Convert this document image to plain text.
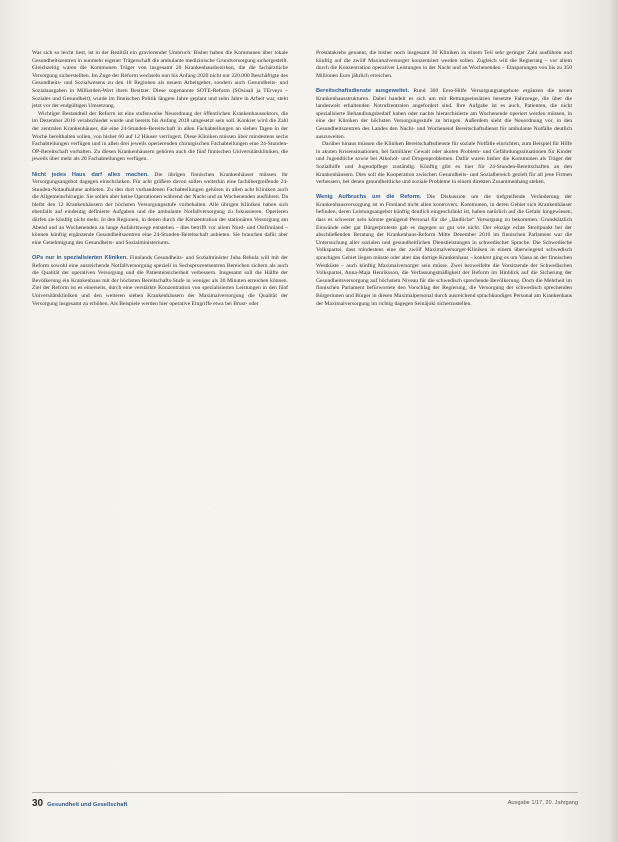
Was sich so leicht liest, ist in der Realität ein gravierender Umbruch: Bisher haben die Kommunen über lokale Gesundheitszentren in nunmehr eigener Trägerschaft die ambulante medizinische Grundversorgung sichergestellt. Gleichzeitig waren die Kommunen Träger von insgesamt 20 Krankenhausbezirken, die die fachärztliche Versorgung sicherstellten. Im Zuge der Reform wechseln nun bis Anfang 2020 nicht nur 220.000 Beschäftigte des Gesundheits- und Sozialwesens zu den 18 Regionen als neuem Arbeitgeber, sondern auch Gesundheits- und Sozialausgaben in Milliarden-Wert ihren Besitzer. Diese sogenannte SOTE-Reform (SOsiaali ja TErveys – Soziales und Gesundheit), wurde im finnischen Politik längere Jahre geplant und zehn Jahre in Arbeit war, steht jetzt vor der endgültigen Umsetzung.

Wichtiger Bestandteil der Reform ist eine stufenweise Neuordnung der öffentlichen Krankenhaussektors, die im Dezember 2016 verabschiedet wurde und bereits bis Anfang 2018 umgesetzt sein soll. Konkret wird die Zahl der zentralen Krankenhäuser, die eine 24-Stunden-Bereitschaft in allen Fachabteilungen an sieben Tagen in der Woche bereithalten sollen, von bisher 60 auf 12 Häuser verringert. Diese Kliniken müssen über mindestens sechs Fachabteilungen verfügen und in allen drei jeweils operierenden chirurgischen Fachabteilungen eine 24-Stunden-OP-Bereitschaft vorhalten. Zu diesen Krankenhäusern gehören auch die fünf finnischen Universitätskliniken, die jeweils über mehr als 20 Fachabteilungen verfügen.

Nicht jedes Haus darf alles machen. Die übrigen finnischen Krankenhäuser müssen ihr Versorgungsangebot dagegen einschränken. Für acht größere davon sollen weiterhin eine fachübergreifende 24-Stunden-Notaufnahme anbieten. Zu den dort vorhandenen Fachabteilungen gehören in allen acht Kliniken auch die Allgemeinchirurgie. Sie sollen aber keine Operationen während der Nacht und an Wochenenden ausführen. Da bleibt den 12 Krankenhäusern der höchsten Versorgungsstufe vorbehalten. Alle übrigen Kliniken haben sich ebenfalls auf eindeutig definierte Aufgaben und die ambulante Notfallversorgung zu fokussieren. Operieren dürfen sie künftig nicht mehr. In den Regionen, in denen durch die Konzentration der stationären Versorgung am Abend und an Wochenenden zu lange Anfahrtswege entstehen – dies betrifft vor allem Nord- und Ostfinnland – können künftig ergänzende Gesundheitszentren eine 24-Stunden-Bereitschaft anbieten. Sie brauchen dafür aber eine Genehmigung des Gesundheits- und Sozialministeriums.

OPs nur in spezialisierten Kliniken. Finnlands Gesundheits- und Sozialminister Juha Rehula will mit der Reform sowohl eine ausreichende Notfallversorgung speziell in Sechsprozentsentren Bereichen sichern als auch die Qualität der operativen Versorgung und die Patientensicherheit verbessern. Insgesamt soll die Hälfte der Bevölkerung ein Krankenhaus mit der höchsten Bereitschafts-Stufe in weniger als 30 Minuten erreichen können. Ziel der Reform ist es einerseits, durch eine verstärkte Konzentration von spezialisierten Leistungen in den fünf Universitätskliniken und den weiteren sieben Krankenhäusern der Maximalversorgung die Qualität der Versorgung insgesamt zu erhöhen. Als Beispiele werden hier operative Eingriffe etwa bei Brust- oder

Prostatakrebs genannt, die bisher noch insgesamt 30 Kliniken zu einem Teil sehr geringer Zahl ausführen und künftig auf die zwölf Maximalversorger konzentriert werden sollen. Zugleich will die Regierung – vor allem durch die Konzentration operativer Leistungen in der Nacht und an Wochenenden – Einsparungen von bis zu 350 Millionen Euro jährlich erreichen.

Bereitschaftsdienste ausgeweitet. Rund 300 Eero-Hilfe Versorgungsangebote ergänzen die neuen Krankenhausstrukturen. Dabei handelt es sich um mit Rettungseinsätzen besetzte Fahrzeuge, die über die landesweit erhaltenden Notrufzentralen angefordert sind. Ihre Aufgabe ist es auch, Patienten, die nicht spezialisierte Behandlungsbedarf haben oder nachts hierarchisierte am Wochenende operiert werden müssen, in eine der Kliniken der höchsten Versorgungsstufe zu bringen. Außerdem sieht die Neuordnung vor, in den Gesundheitszentren des Landes den Nacht- und Wochenend Bereitschaftsdienst für ambulante Notfälle deutlich auszuweiten.

Darüber hinaus müssen die Kliniken Bereitschaftsdienste für soziale Notfälle einrichten, zum Beispiel für Hilfe in akuten Krisensituationen, bei familiärer Gewalt oder akuten Problem- und Gefährdungssituationen für Kinder und Jugendliche sowie bei Alkohol- und Drogenproblemen. Dafür waren bisher die Kommunen als Träger der Sozialhilfe und Jugendpflege zuständig. Künftig gibt es hier für 24-Stunden-Bereitschaften an den Krankenhäusern. Dies soll die Kooperation zwischen Gesundheits- und Sozialbereich gezielt für all jene Firmen verbessern, bei denen gesundheitliche und soziale Probleme in einem direkten Zusammenhang stehen.

Wenig Aufbruchs um die Reform. Die Diskussion um die tiefgreifende Veränderung der Krankenhausversorgung ist in Finnland nicht allen kontrovers. Kommunen, in deren Gebiet sich Krankenhäuser befinden, deren Leistungsangebot künftig deutlich eingeschränkt ist, haben natürlich auf die Gefahr hingewiesen, dass es schwerer sein könnte genügend Personal für die „ländliche“ Versorgung zu bekommen. Grundsätzlich Einwände oder gar Bürgerproteste gab es dagegen so gut wie nicht. Der einzige echte Streitpunkt bei der abschließenden Beratung der Krankenhaus-Reform Mitte Dezember 2016 im finnischen Parlament war die Untersuchung aller sozialen und gesundheitlichen Dienstleistungen in schwedischer Sprache. Die Schwedische Volkspartei, dass mindestens eine der zwölf Maximalversorger-Kliniken in einem überwiegend schwedisch sprachigen Gebiet liegen müsste oder aber das dortige Krankenhaus – konkret ging es um Vaasa an der finnischen Westküste – auch künftig Maximalversorger sein müsse. Zwei bezweifelte die Vorsitzende der Schwedischen Volkspartei, Anna-Maja Henriksson, die Verfassungsmäßigkeit der Reform im Hinblick auf die Sicherung der Gesundheitsversorgung auf höchstem Niveau für die schwedisch sprechende Bevölkerung. Doch die Mehrheit im finnischen Parlament befürwortete den Vorschlag der Regierung, die Versorgung der schwedisch sprechenden Bürgerinnen und Bürger in diesen Maximalpersonal durch ausreichend sprachkundiges Personal am Krankenhaus der Maximalversorgung im richtig dagegen Seinäjoki sicherzustellen.

30 Gesundheit und Gesellschaft	Ausgabe 1/17, 20. Jahrgang
